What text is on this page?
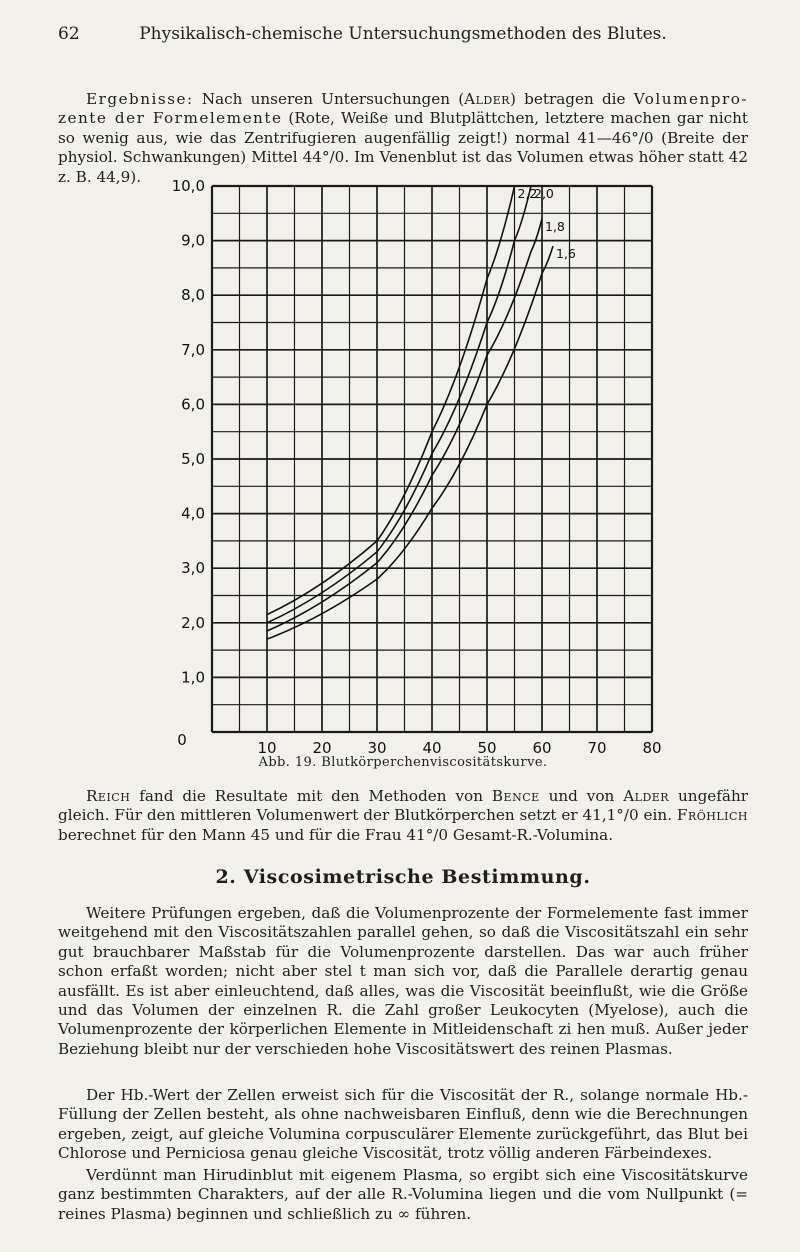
62	Physikalisch-chemische Untersuchungsmethoden des Blutes.
Ergebnisse: Nach unseren Untersuchungen (Alder) betragen die Volumenpro-zente der Formelemente (Rote, Weiße und Blutplättchen, letztere machen gar nicht so wenig aus, wie das Zentrifugieren augenfällig zeigt!) normal 41—46°/0 (Breite der physiol. Schwankungen) Mittel 44°/0. Im Venenblut ist das Volumen etwas höher statt 42 z. B. 44,9).
10,0
9,0
8,0
7,0
6,0
5,0
4,0
3,0
2,0
1,0
0	10 20 30 40 50 60 70 80
1,6
1,8
2,0
2,2
Abb. 19. Blutkörperchenviscositätskurve.
Reich fand die Resultate mit den Methoden von Bence und von Alder ungefähr gleich. Für den mittleren Volumenwert der Blutkörperchen setzt er 41,1°/0 ein. Fröhlich berechnet für den Mann 45 und für die Frau 41°/0 Gesamt-R.-Volumina.
2. Viscosimetrische Bestimmung.
Weitere Prüfungen ergeben, daß die Volumenprozente der Formelemente fast immer weitgehend mit den Viscositätszahlen parallel gehen, so daß die Viscositätszahl ein sehr gut brauchbarer Maßstab für die Volumenprozente darstellen. Das war auch früher schon erfaßt worden; nicht aber stel t man sich vor, daß die Parallele derartig genau ausfällt. Es ist aber einleuchtend, daß alles, was die Viscosität beeinflußt, wie die Größe und das Volumen der einzelnen R. die Zahl großer Leukocyten (Myelose), auch die Volumenprozente der körperlichen Elemente in Mitleidenschaft zi hen muß. Außer jeder Beziehung bleibt nur der verschieden hohe Viscositätswert des reinen Plasmas.
Der Hb.-Wert der Zellen erweist sich für die Viscosität der R., solange normale Hb.-Füllung der Zellen besteht, als ohne nachweisbaren Einfluß, denn wie die Berechnungen ergeben, zeigt, auf gleiche Volumina corpusculärer Elemente zurückgeführt, das Blut bei Chlorose und Perniciosa genau gleiche Viscosität, trotz völlig anderen Färbeindexes.
Verdünnt man Hirudinblut mit eigenem Plasma, so ergibt sich eine Viscositätskurve ganz bestimmten Charakters, auf der alle R.-Volumina liegen und die vom Nullpunkt (= reines Plasma) beginnen und schließlich zu ∞ führen.
